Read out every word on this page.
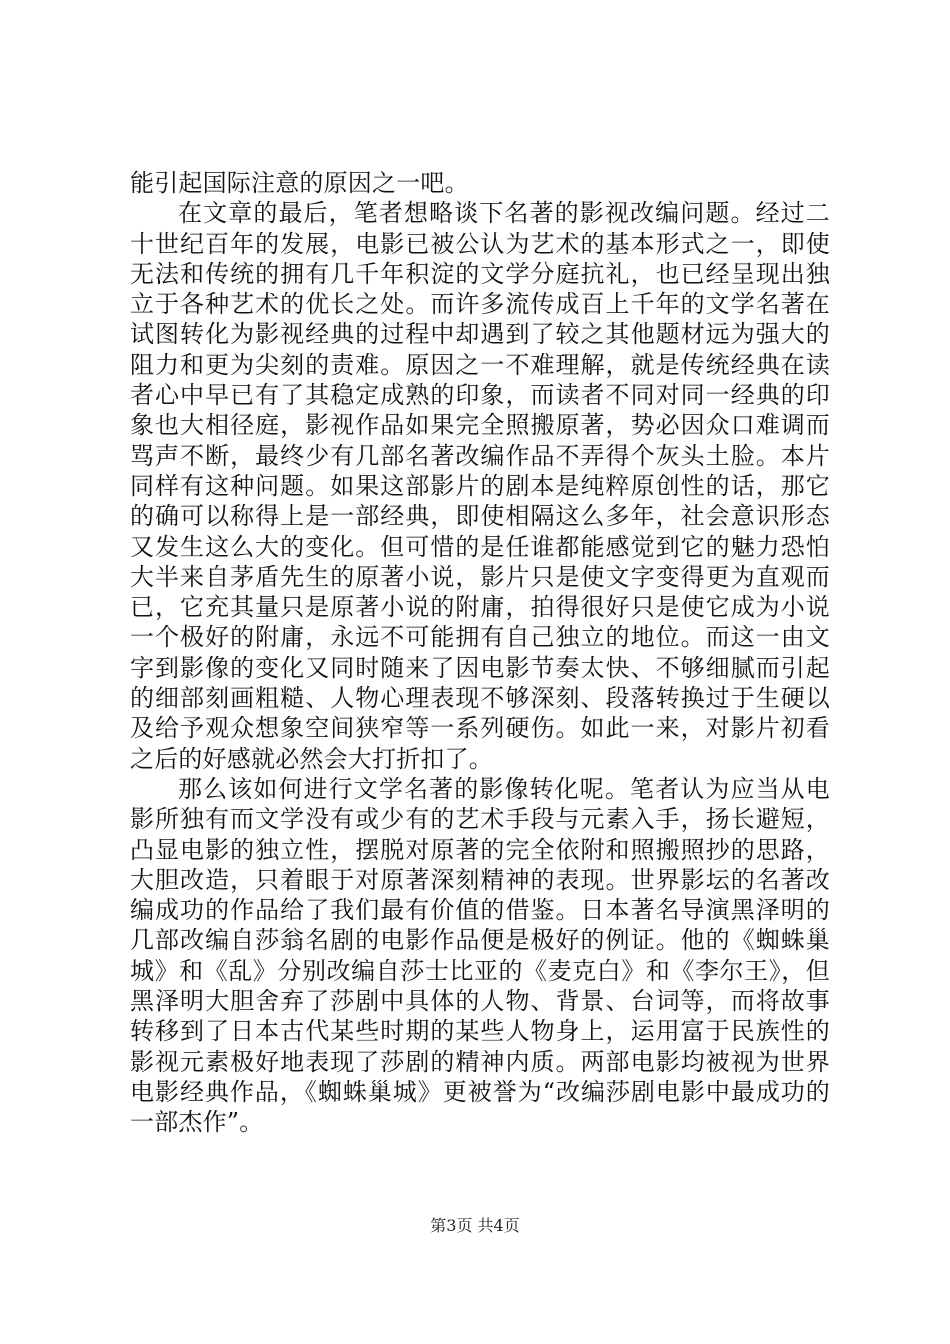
能引起国际注意的原因之一吧。

在文章的最后，笔者想略谈下名著的影视改编问题。经过二十世纪百年的发展，电影已被公认为艺术的基本形式之一，即使无法和传统的拥有几千年积淀的文学分庭抗礼，也已经呈现出独立于各种艺术的优长之处。而许多流传成百上千年的文学名著在试图转化为影视经典的过程中却遇到了较之其他题材远为强大的阻力和更为尖刻的责难。原因之一不难理解，就是传统经典在读者心中早已有了其稳定成熟的印象，而读者不同对同一经典的印象也大相径庭，影视作品如果完全照搬原著，势必因众口难调而骂声不断，最终少有几部名著改编作品不弄得个灰头土脸。本片同样有这种问题。如果这部影片的剧本是纯粹原创性的话，那它的确可以称得上是一部经典，即使相隔这么多年，社会意识形态又发生这么大的变化。但可惜的是任谁都能感觉到它的魅力恐怕大半来自茅盾先生的原著小说，影片只是使文字变得更为直观而已，它充其量只是原著小说的附庸，拍得很好只是使它成为小说一个极好的附庸，永远不可能拥有自己独立的地位。而这一由文字到影像的变化又同时随来了因电影节奏太快、不够细腻而引起的细部刻画粗糙、人物心理表现不够深刻、段落转换过于生硬以及给予观众想象空间狭窄等一系列硬伤。如此一来，对影片初看之后的好感就必然会大打折扣了。

那么该如何进行文学名著的影像转化呢。笔者认为应当从电影所独有而文学没有或少有的艺术手段与元素入手，扬长避短，凸显电影的独立性，摆脱对原著的完全依附和照搬照抄的思路，大胆改造，只着眼于对原著深刻精神的表现。世界影坛的名著改编成功的作品给了我们最有价值的借鉴。日本著名导演黑泽明的几部改编自莎翁名剧的电影作品便是极好的例证。他的《蜘蛛巢城》和《乱》分别改编自莎士比亚的《麦克白》和《李尔王》，但黑泽明大胆舍弃了莎剧中具体的人物、背景、台词等，而将故事转移到了日本古代某些时期的某些人物身上，运用富于民族性的影视元素极好地表现了莎剧的精神内质。两部电影均被视为世界电影经典作品，《蜘蛛巢城》更被誉为“改编莎剧电影中最成功的一部杰作”。

第3页 共4页
